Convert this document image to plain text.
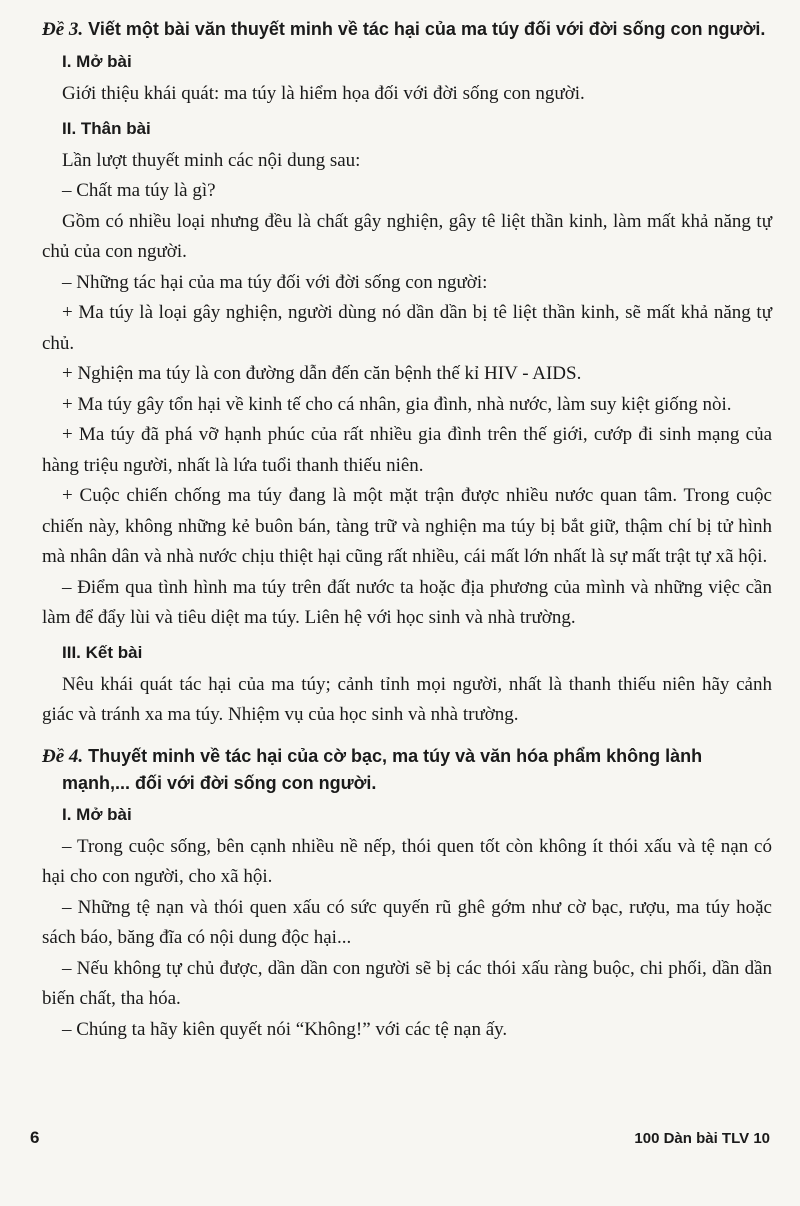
Đề 3. Viết một bài văn thuyết minh về tác hại của ma túy đối với đời sống con người.
I. Mở bài

Giới thiệu khái quát: ma túy là hiểm họa đối với đời sống con người.

II. Thân bài

Lần lượt thuyết minh các nội dung sau:

– Chất ma túy là gì?

Gồm có nhiều loại nhưng đều là chất gây nghiện, gây tê liệt thần kinh, làm mất khả năng tự chủ của con người.

– Những tác hại của ma túy đối với đời sống con người:

+ Ma túy là loại gây nghiện, người dùng nó dần dần bị tê liệt thần kinh, sẽ mất khả năng tự chủ.

+ Nghiện ma túy là con đường dẫn đến căn bệnh thế kỉ HIV - AIDS.

+ Ma túy gây tổn hại về kinh tế cho cá nhân, gia đình, nhà nước, làm suy kiệt giống nòi.

+ Ma túy đã phá vỡ hạnh phúc của rất nhiều gia đình trên thế giới, cướp đi sinh mạng của hàng triệu người, nhất là lứa tuổi thanh thiếu niên.

+ Cuộc chiến chống ma túy đang là một mặt trận được nhiều nước quan tâm. Trong cuộc chiến này, không những kẻ buôn bán, tàng trữ và nghiện ma túy bị bắt giữ, thậm chí bị tử hình mà nhân dân và nhà nước chịu thiệt hại cũng rất nhiều, cái mất lớn nhất là sự mất trật tự xã hội.

– Điểm qua tình hình ma túy trên đất nước ta hoặc địa phương của mình và những việc cần làm để đẩy lùi và tiêu diệt ma túy. Liên hệ với học sinh và nhà trường.

III. Kết bài

Nêu khái quát tác hại của ma túy; cảnh tỉnh mọi người, nhất là thanh thiếu niên hãy cảnh giác và tránh xa ma túy. Nhiệm vụ của học sinh và nhà trường.

Đề 4. Thuyết minh về tác hại của cờ bạc, ma túy và văn hóa phẩm không lành mạnh,... đối với đời sống con người.
I. Mở bài

– Trong cuộc sống, bên cạnh nhiều nề nếp, thói quen tốt còn không ít thói xấu và tệ nạn có hại cho con người, cho xã hội.

– Những tệ nạn và thói quen xấu có sức quyến rũ ghê gớm như cờ bạc, rượu, ma túy hoặc sách báo, băng đĩa có nội dung độc hại...

– Nếu không tự chủ được, dần dần con người sẽ bị các thói xấu ràng buộc, chi phối, dần dần biến chất, tha hóa.

– Chúng ta hãy kiên quyết nói “Không!” với các tệ nạn ấy.

6	100 Dàn bài TLV 10
